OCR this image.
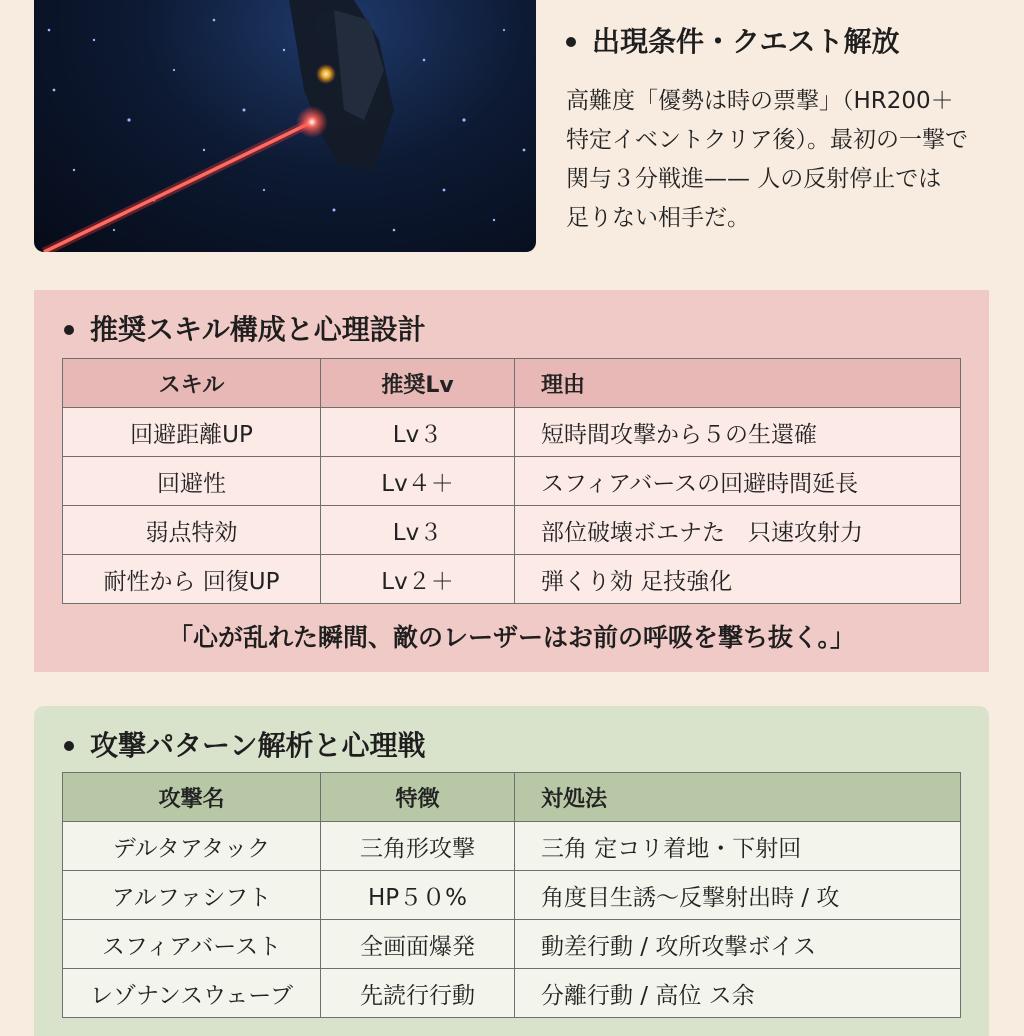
出現条件・クエスト解放
高難度「優勢は時の票撃」（HR200＋
特定イベントクリア後）。最初の一撃で
関与３分戦進—— 人の反射停止では
足りない相手だ。
推奨スキル構成と心理設計
スキル	推奨Lv	理由
回避距離UP	Lv３	短時間攻撃から５の生還確
回避性	Lv４＋	スフィアバースの回避時間延長
弱点特効	Lv３	部位破壊ボエナた　只速攻射力
耐性から 回復UP	Lv２＋	弾くり効 足技強化
「心が乱れた瞬間、敵のレーザーはお前の呼吸を撃ち抜く。」
攻撃パターン解析と心理戦
攻撃名	特徴	対処法
デルタアタック	三角形攻撃	三角 定コリ着地・下射回
アルファシフト	HP５０%	角度目生誘〜反撃射出時 / 攻
スフィアバースト	全画面爆発	動差行動 / 攻所攻撃ボイス
レゾナンスウェーブ	先読行行動	分離行動 / 高位 ス余
